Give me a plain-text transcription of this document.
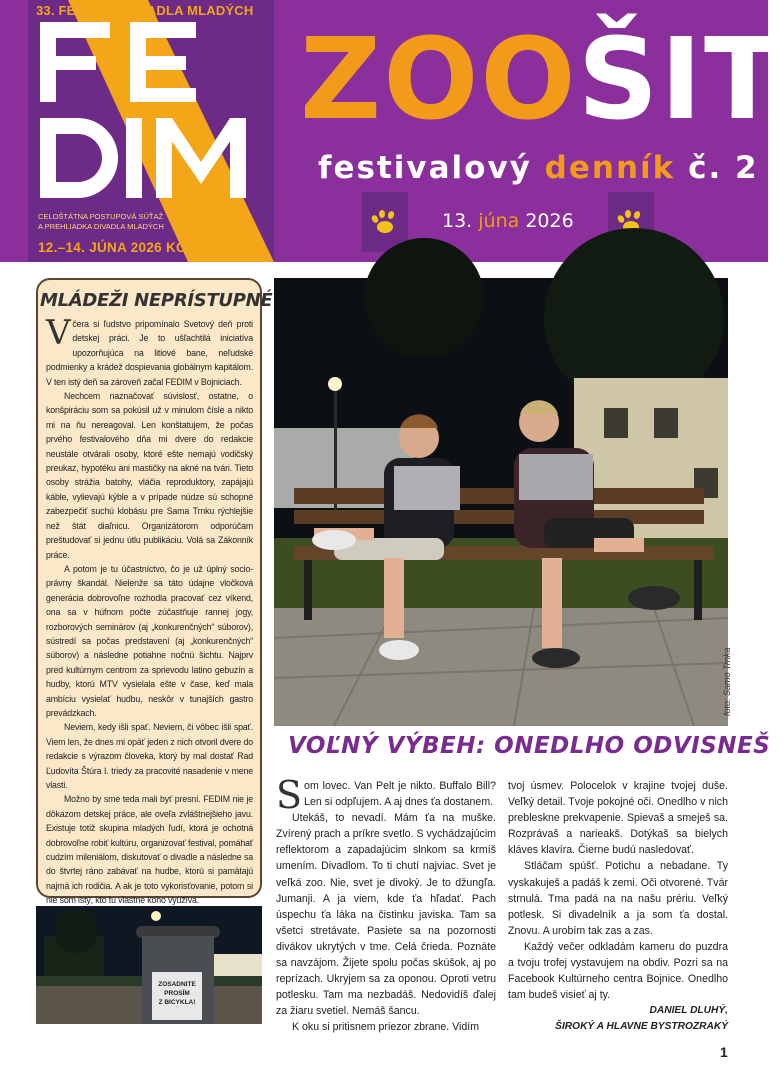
33. FESTIVAL DIVADLA MLADÝCH
CELOŠTÁTNA POSTUPOVÁ SÚŤAŽ
A PREHLIADKA DIVADLA MLADÝCH
12.–14. JÚNA 2026 KC BOJNICE
ZOOŠIT
festivalový denník č. 2
13. júna 2026
MLÁDEŽI NEPRÍSTUPNÉ

Včera si ľudstvo pripomínalo Svetový deň proti detskej práci. Je to ušľachtilá iniciatíva upozorňujúca na litiové bane, neľudské podmienky a krádež dospievania globálnym kapitálom. V ten istý deň sa zároveň začal FEDIM v Bojniciach.

Nechcem naznačovať súvislosť, ostatne, o konšpiráciu som sa pokúsil už v minulom čísle a nikto mi na ňu nereagoval. Len konštatujem, že počas prvého festivalového dňa mi dvere do redakcie neustále otvárali osoby, ktoré ešte nemajú vodičský preukaz, hypotéku ani mastičky na akné na tvári. Tieto osoby strážia batohy, vláčia reproduktory, zapájajú káble, vylievajú kýble a v prípade núdze sú schopné zabezpečiť suchú klobásu pre Sama Trnku rýchlejšie než štát diaľnicu. Organizátorom odporúčam preštudovať si jednu útlu publikáciu. Volá sa Zákonník práce.

A potom je tu účastníctvo, čo je už úplný socio-právny škandál. Nielenže sa táto údajne vločková generácia dobrovoľne rozhodla pracovať cez víkend, ona sa v húfnom počte zúčastňuje rannej jogy, rozborových seminárov (aj „konkurenčných“ súborov), sústredí sa počas predstavení (aj „konkurenčných“ súborov) a následne potiahne nočnú šichtu. Najprv pred kultúrnym centrom za sprievodu latino gebuzín a hudby, ktorú MTV vysielala ešte v čase, keď mala ambíciu vysielať hudbu, neskôr v tunajších gastro prevádzkach.

Neviem, kedy išli spať. Neviem, či vôbec išli spať. Viem len, že dnes mi opäť jeden z nich otvoril dvere do redakcie s výrazom človeka, ktorý by mal dostať Rad Ľudovíta Štúra I. triedy za pracovité nasadenie v mene vlasti.

Možno by sme teda mali byť presní. FEDIM nie je dôkazom detskej práce, ale oveľa zvláštnejšieho javu. Existuje totiž skupina mladých ľudí, ktorá je ochotná dobrovoľne robiť kultúru, organizovať festival, pomáhať cudzím mileniálom, diskutovať o divadle a následne sa do štvrtej ráno zabávať na hudbe, ktorú si pamätajú najmä ich rodičia. A ak je toto vykorisťovanie, potom si nie som istý, kto tu vlastne koho využíva.

ZOSADNITE
PROSÍM
Z BICYKLA!
foto: Samo Trnka
VOĽNÝ VÝBEH: ONEDLHO ODVISNEŠ

Som lovec. Van Pelt je nikto. Buffalo Bill? Len si odpľujem. A aj dnes ťa dostanem.

Utekáš, to nevadí. Mám ťa na muške. Zvírený prach a príkre svetlo. S vychádzajúcim reflektorom a zapadajúcim slnkom sa krmíš umením. Divadlom. To ti chutí najviac. Svet je veľká zoo. Nie, svet je divoký. Je to džungľa. Jumanji. A ja viem, kde ťa hľadať. Pach úspechu ťa láka na čistinku javiska. Tam sa všetci stretávate. Pasiete sa na pozornosti divákov ukrytých v tme. Celá črieda. Poznáte sa navzájom. Žijete spolu počas skúšok, aj po reprízach. Ukryjem sa za oponou. Oproti vetru potlesku. Tam ma nezbadáš. Nedovidíš ďalej za žiaru svetiel. Nemáš šancu.

K oku si pritisnem priezor zbrane. Vidím

tvoj úsmev. Polocelok v krajine tvojej duše. Veľký detail. Tvoje pokojné oči. Onedlho v nich prebleskne prekvapenie. Spievaš a smeješ sa. Rozprávaš a narieakš. Dotýkaš sa bielych kláves klavíra. Čierne budú nasledovať.

Stláčam spúšť. Potichu a nebadane. Ty vyskakuješ a padáš k zemi. Oči otvorené. Tvár strnulá. Tma padá na na našu prériu. Veľký potlesk. Si divadelník a ja som ťa dostal. Znovu. A urobím tak zas a zas.

Každý večer odkladám kameru do puzdra a tvoju trofej vystavujem na obdiv. Pozri sa na Facebook Kultúrneho centra Bojnice. Onedlho tam budeš visieť aj ty.

DANIEL DLUHÝ,
ŠIROKÝ A HLAVNE BYSTROZRAKÝ

1
